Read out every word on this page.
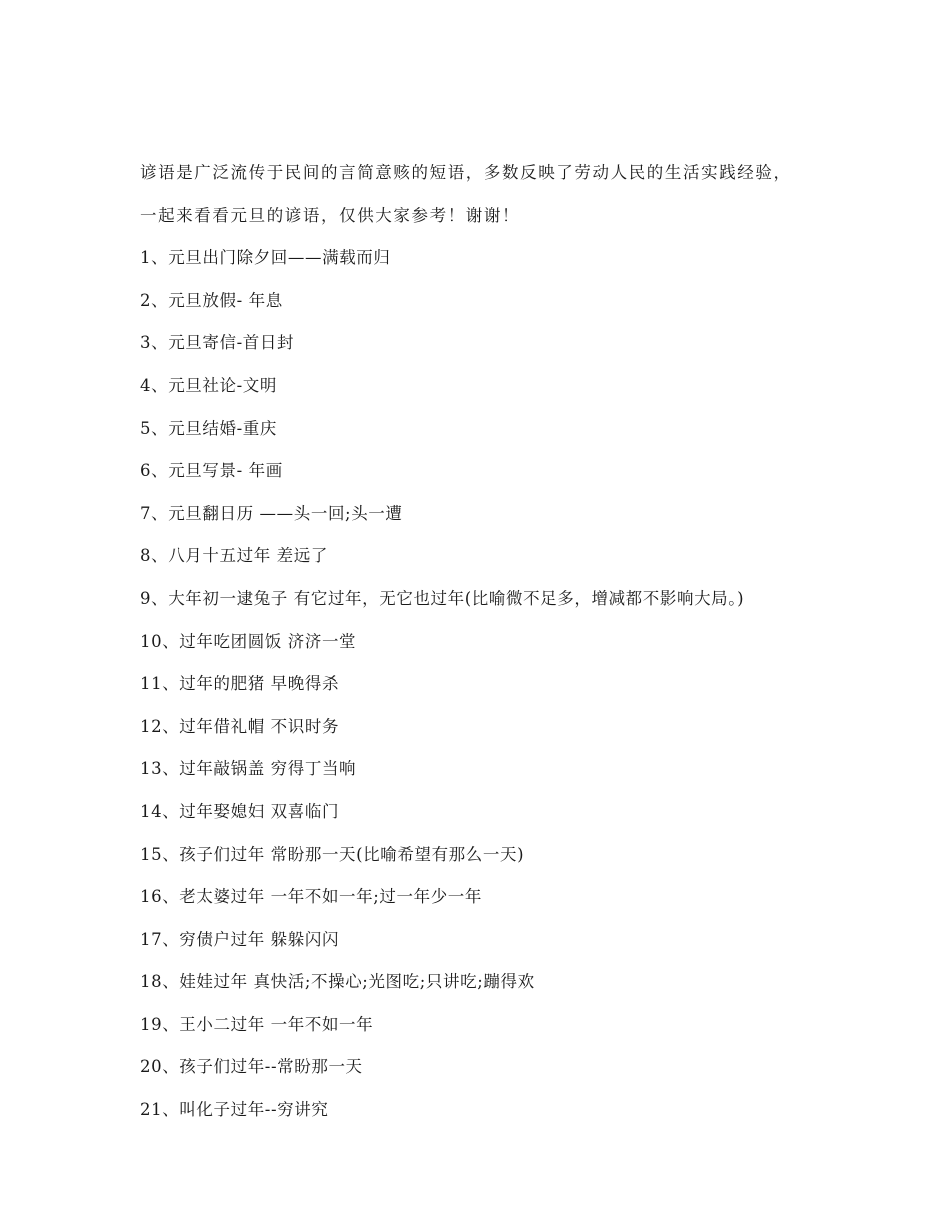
谚语是广泛流传于民间的言简意赅的短语，多数反映了劳动人民的生活实践经验，
一起来看看元旦的谚语，仅供大家参考！谢谢！
1、元旦出门除夕回——满载而归
2、元旦放假- 年息
3、元旦寄信-首日封
4、元旦社论-文明
5、元旦结婚-重庆
6、元旦写景- 年画
7、元旦翻日历 ——头一回;头一遭
8、八月十五过年 差远了
9、大年初一逮兔子 有它过年，无它也过年(比喻微不足多，增减都不影响大局。)
10、过年吃团圆饭 济济一堂
11、过年的肥猪 早晚得杀
12、过年借礼帽 不识时务
13、过年敲锅盖 穷得丁当响
14、过年娶媳妇 双喜临门
15、孩子们过年 常盼那一天(比喻希望有那么一天)
16、老太婆过年 一年不如一年;过一年少一年
17、穷债户过年 躲躲闪闪
18、娃娃过年 真快活;不操心;光图吃;只讲吃;蹦得欢
19、王小二过年 一年不如一年
20、孩子们过年--常盼那一天
21、叫化子过年--穷讲究
